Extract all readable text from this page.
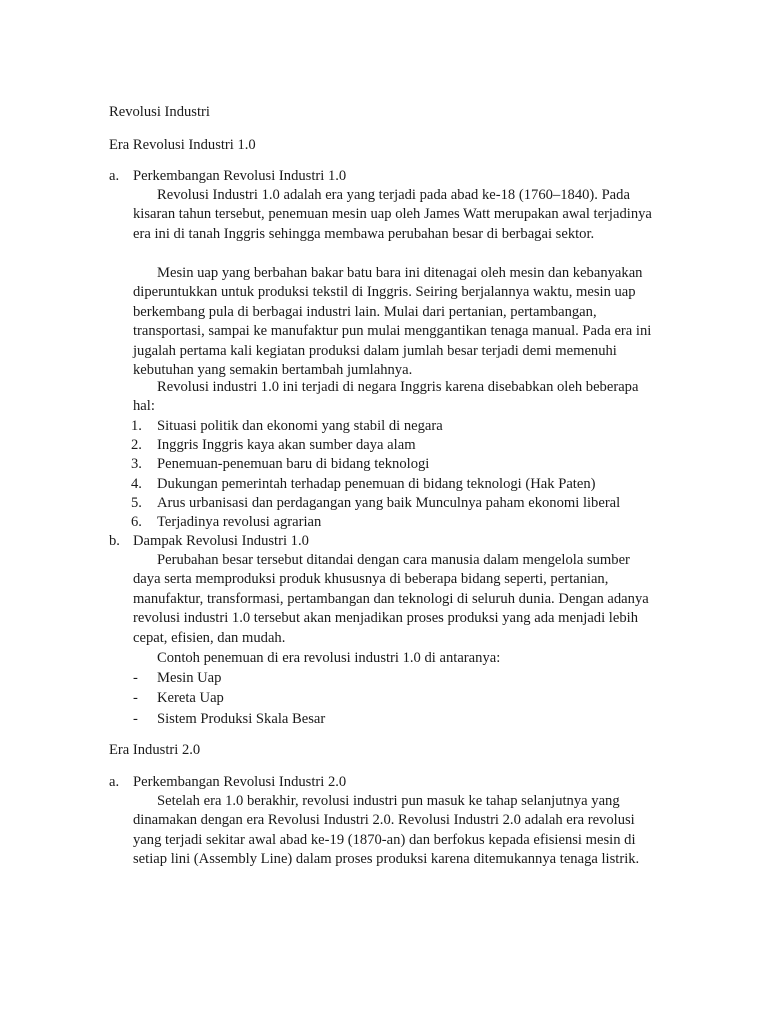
Revolusi Industri
Era Revolusi Industri 1.0
a. Perkembangan Revolusi Industri 1.0
Revolusi Industri 1.0 adalah era yang terjadi pada abad ke-18 (1760–1840). Pada kisaran tahun tersebut, penemuan mesin uap oleh James Watt merupakan awal terjadinya era ini di tanah Inggris sehingga membawa perubahan besar di berbagai sektor.
Mesin uap yang berbahan bakar batu bara ini ditenagai oleh mesin dan kebanyakan diperuntukkan untuk produksi tekstil di Inggris. Seiring berjalannya waktu, mesin uap berkembang pula di berbagai industri lain. Mulai dari pertanian, pertambangan, transportasi, sampai ke manufaktur pun mulai menggantikan tenaga manual. Pada era ini jugalah pertama kali kegiatan produksi dalam jumlah besar terjadi demi memenuhi kebutuhan yang semakin bertambah jumlahnya.
Revolusi industri 1.0 ini terjadi di negara Inggris karena disebabkan oleh beberapa hal:
1. Situasi politik dan ekonomi yang stabil di negara
2. Inggris Inggris kaya akan sumber daya alam
3. Penemuan-penemuan baru di bidang teknologi
4. Dukungan pemerintah terhadap penemuan di bidang teknologi (Hak Paten)
5. Arus urbanisasi dan perdagangan yang baik Munculnya paham ekonomi liberal
6. Terjadinya revolusi agrarian
b. Dampak Revolusi Industri 1.0
Perubahan besar tersebut ditandai dengan cara manusia dalam mengelola sumber daya serta memproduksi produk khususnya di beberapa bidang seperti, pertanian, manufaktur, transformasi, pertambangan dan teknologi di seluruh dunia. Dengan adanya revolusi industri 1.0 tersebut akan menjadikan proses produksi yang ada menjadi lebih cepat, efisien, dan mudah.
Contoh penemuan di era revolusi industri 1.0 di antaranya:
- Mesin Uap
- Kereta Uap
- Sistem Produksi Skala Besar
Era Industri 2.0
a. Perkembangan Revolusi Industri 2.0
Setelah era 1.0 berakhir, revolusi industri pun masuk ke tahap selanjutnya yang dinamakan dengan era Revolusi Industri 2.0. Revolusi Industri 2.0 adalah era revolusi yang terjadi sekitar awal abad ke-19 (1870-an) dan berfokus kepada efisiensi mesin di setiap lini (Assembly Line) dalam proses produksi karena ditemukannya tenaga listrik.
